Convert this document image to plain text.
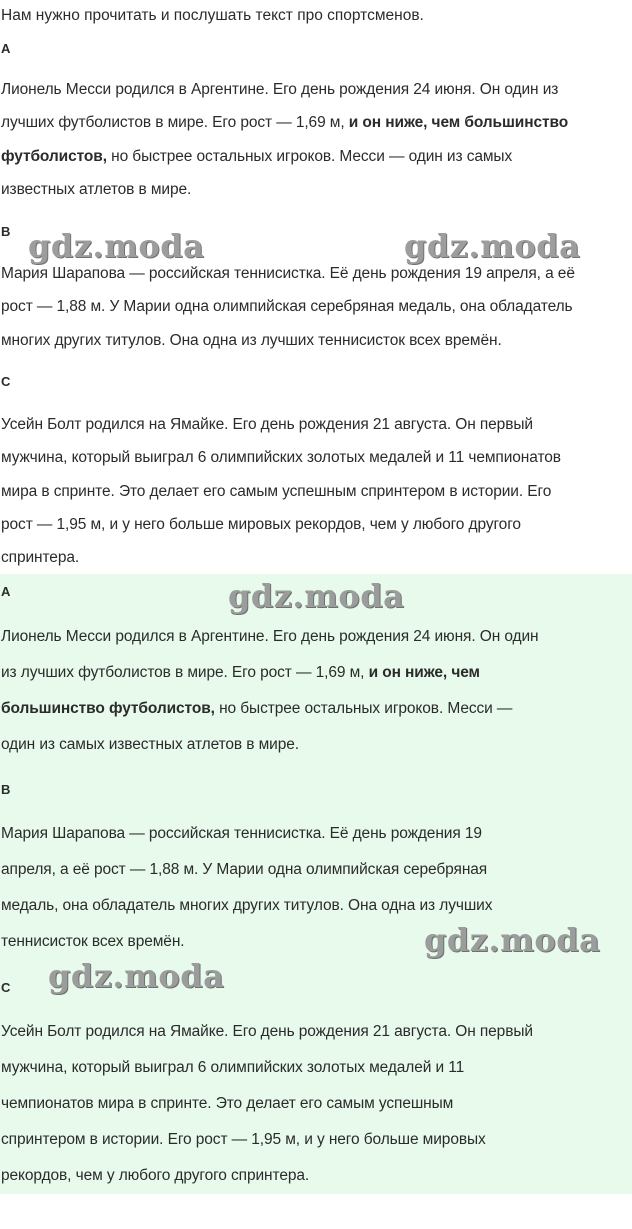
Нам нужно прочитать и послушать текст про спортсменов.
A
Лионель Месси родился в Аргентине. Его день рождения 24 июня. Он один из
лучших футболистов в мире. Его рост — 1,69 м, и он ниже, чем большинство
футболистов, но быстрее остальных игроков. Месси — один из самых
известных атлетов в мире.
B
Мария Шарапова — российская теннисистка. Её день рождения 19 апреля, а её
рост — 1,88 м. У Марии одна олимпийская серебряная медаль, она обладатель
многих других титулов. Она одна из лучших теннисисток всех времён.
C
Усейн Болт родился на Ямайке. Его день рождения 21 августа. Он первый
мужчина, который выиграл 6 олимпийских золотых медалей и 11 чемпионатов
мира в спринте. Это делает его самым успешным спринтером в истории. Его
рост — 1,95 м, и у него больше мировых рекордов, чем у любого другого
спринтера.
A
Лионель Месси родился в Аргентине. Его день рождения 24 июня. Он один
из лучших футболистов в мире. Его рост — 1,69 м, и он ниже, чем
большинство футболистов, но быстрее остальных игроков. Месси —
один из самых известных атлетов в мире.
B
Мария Шарапова — российская теннисистка. Её день рождения 19
апреля, а её рост — 1,88 м. У Марии одна олимпийская серебряная
медаль, она обладатель многих других титулов. Она одна из лучших
теннисисток всех времён.
C
Усейн Болт родился на Ямайке. Его день рождения 21 августа. Он первый
мужчина, который выиграл 6 олимпийских золотых медалей и 11
чемпионатов мира в спринте. Это делает его самым успешным
спринтером в истории. Его рост — 1,95 м, и у него больше мировых
рекордов, чем у любого другого спринтера.
gdz.moda	gdz.moda
gdz.moda
gdz.moda
gdz.moda
